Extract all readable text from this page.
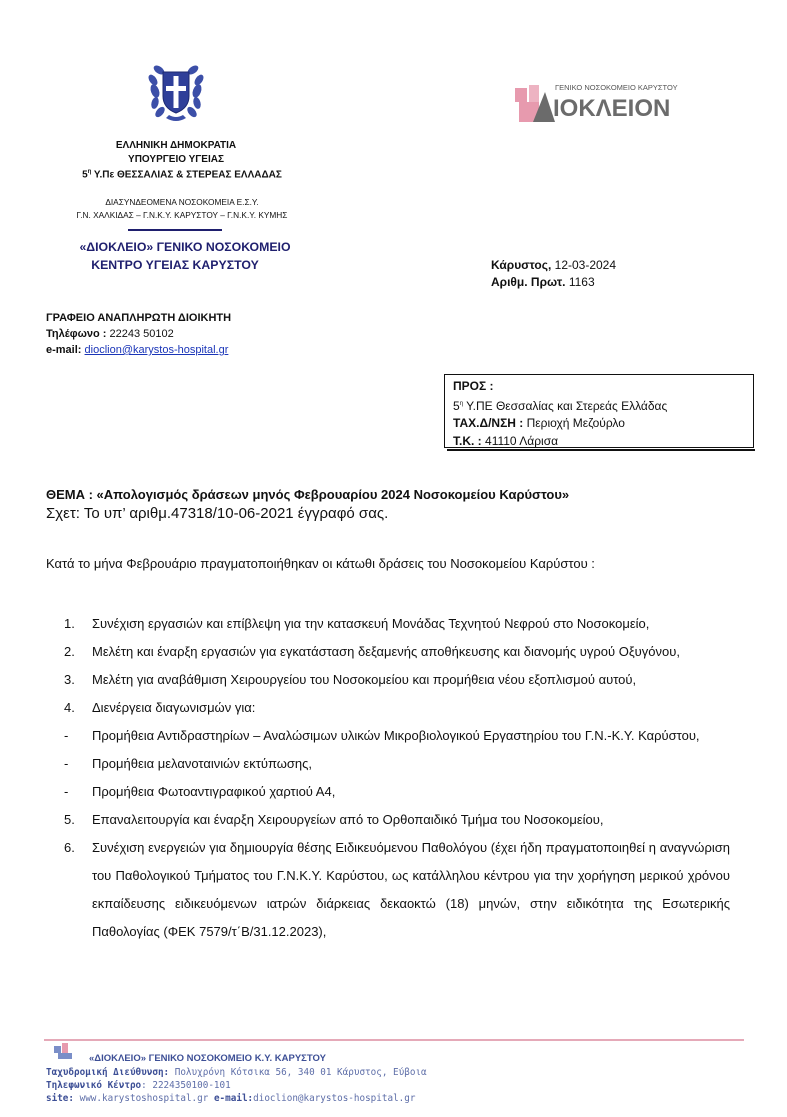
ΕΛΛΗΝΙΚΗ ΔΗΜΟΚΡΑΤΙΑ
ΥΠΟΥΡΓΕΙΟ ΥΓΕΙΑΣ
$5^\eta$ Υ.Πε ΘΕΣΣΑΛΙΑΣ & ΣΤΕΡΕΑΣ ΕΛΛΑΔΑΣ
ΔΙΑΣΥΝΔΕΟΜΕΝΑ ΝΟΣΟΚΟΜΕΙΑ Ε.Σ.Υ.
Γ.Ν. ΧΑΛΚΙΔΑΣ – Γ.Ν.Κ.Υ. ΚΑΡΥΣΤΟΥ – Γ.Ν.Κ.Υ. ΚΥΜΗΣ
«ΔΙΟΚΛΕΙΟ» ΓΕΝΙΚΟ ΝΟΣΟΚΟΜΕΙΟ
ΚΕΝΤΡΟ ΥΓΕΙΑΣ ΚΑΡΥΣΤΟΥ
ΓΕΝΙΚΟ ΝΟΣΟΚΟΜΕΙΟ ΚΑΡΥΣΤΟΥ
ΙΟΚΛΕΙΟΝ
Κάρυστος, 12-03-2024
Αριθμ. Πρωτ. 1163
ΓΡΑΦΕΙΟ ΑΝΑΠΛΗΡΩΤΗ ΔΙΟΙΚΗΤΗ
Τηλέφωνο : 22243 50102
e-mail: dioclion@karystos-hospital.gr
ΠΡΟΣ :
$5^\eta$ Υ.ΠΕ Θεσσαλίας και Στερεάς Ελλάδας
ΤΑΧ.Δ/ΝΣΗ : Περιοχή Μεζούρλο
Τ.Κ. : 41110 Λάρισα
ΘΕΜΑ : «Απολογισμός δράσεων μηνός Φεβρουαρίου 2024 Νοσοκομείου Καρύστου»
Σχετ: Το υπ’ αριθμ.47318/10-06-2021 έγγραφό σας.
Κατά το μήνα Φεβρουάριο πραγματοποιήθηκαν οι κάτωθι δράσεις του Νοσοκομείου Καρύστου :
1.	Συνέχιση εργασιών και επίβλεψη για την κατασκευή Μονάδας Τεχνητού Νεφρού στο Νοσοκομείο,
2.	Μελέτη και έναρξη εργασιών για εγκατάσταση δεξαμενής αποθήκευσης και διανομής υγρού Οξυγόνου,
3.	Μελέτη για αναβάθμιση Χειρουργείου του Νοσοκομείου και προμήθεια νέου εξοπλισμού αυτού,
4.	Διενέργεια διαγωνισμών για:
-	Προμήθεια Αντιδραστηρίων – Αναλώσιμων υλικών Μικροβιολογικού Εργαστηρίου του Γ.Ν.-Κ.Υ. Καρύστου,
-	Προμήθεια μελανοταινιών εκτύπωσης,
-	Προμήθεια Φωτοαντιγραφικού χαρτιού Α4,
5.	Επαναλειτουργία και έναρξη Χειρουργείων από το Ορθοπαιδικό Τμήμα του Νοσοκομείου,
6.	Συνέχιση ενεργειών για δημιουργία θέσης Ειδικευόμενου Παθολόγου (έχει ήδη πραγματοποιηθεί η αναγνώριση του Παθολογικού Τμήματος του Γ.Ν.Κ.Υ. Καρύστου, ως κατάλληλου κέντρου για την χορήγηση μερικού χρόνου εκπαίδευσης ειδικευόμενων ιατρών διάρκειας δεκαοκτώ (18) μηνών, στην ειδικότητα της Εσωτερικής Παθολογίας (ΦΕΚ 7579/τ΄Β/31.12.2023),
«ΔΙΟΚΛΕΙΟ» ΓΕΝΙΚΟ ΝΟΣΟΚΟΜΕΙΟ Κ.Υ. ΚΑΡΥΣΤΟΥ
Ταχυδρομική Διεύθυνση: Πολυχρόνη Κότσικα 56, 340 01 Κάρυστος, Εύβοια
Τηλεφωνικό Κέντρο: 2224350100-101
site: www.karystoshospital.gr e-mail:dioclion@karystos-hospital.gr
